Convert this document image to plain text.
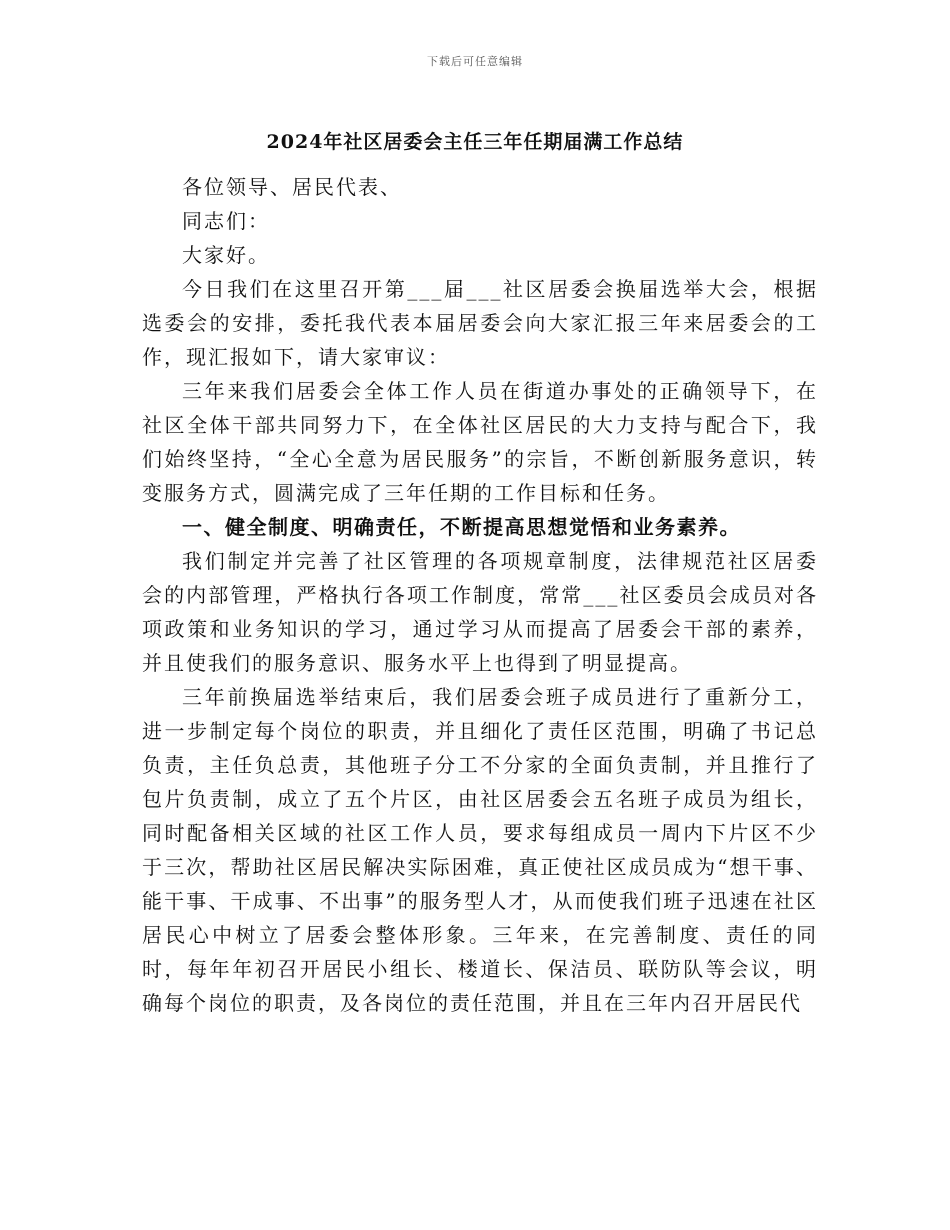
下载后可任意编辑
2024年社区居委会主任三年任期届满工作总结

各位领导、居民代表、

同志们：

大家好。

今日我们在这里召开第___届___社区居委会换届选举大会，根据选委会的安排，委托我代表本届居委会向大家汇报三年来居委会的工作，现汇报如下，请大家审议：

三年来我们居委会全体工作人员在街道办事处的正确领导下，在社区全体干部共同努力下，在全体社区居民的大力支持与配合下，我们始终坚持，“全心全意为居民服务”的宗旨，不断创新服务意识，转变服务方式，圆满完成了三年任期的工作目标和任务。

一、健全制度、明确责任，不断提高思想觉悟和业务素养。

我们制定并完善了社区管理的各项规章制度，法律规范社区居委会的内部管理，严格执行各项工作制度，常常___社区委员会成员对各项政策和业务知识的学习，通过学习从而提高了居委会干部的素养，并且使我们的服务意识、服务水平上也得到了明显提高。

三年前换届选举结束后，我们居委会班子成员进行了重新分工，进一步制定每个岗位的职责，并且细化了责任区范围，明确了书记总负责，主任负总责，其他班子分工不分家的全面负责制，并且推行了包片负责制，成立了五个片区，由社区居委会五名班子成员为组长，同时配备相关区域的社区工作人员，要求每组成员一周内下片区不少于三次，帮助社区居民解决实际困难，真正使社区成员成为“想干事、能干事、干成事、不出事”的服务型人才，从而使我们班子迅速在社区居民心中树立了居委会整体形象。三年来，在完善制度、责任的同时，每年年初召开居民小组长、楼道长、保洁员、联防队等会议，明确每个岗位的职责，及各岗位的责任范围，并且在三年内召开居民代
